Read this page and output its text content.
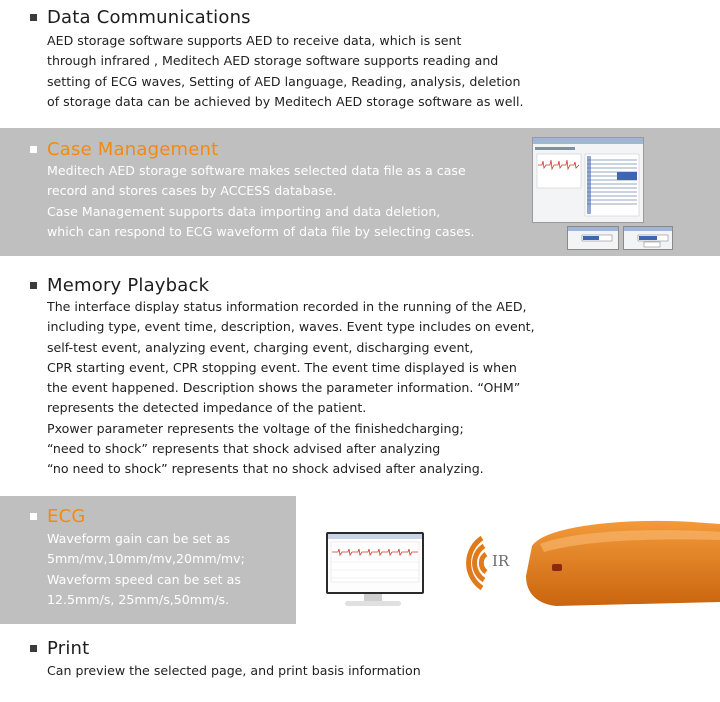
Data Communications
AED storage software supports AED to receive data, which is sent
through infrared , Meditech AED storage software supports reading and
setting of ECG waves, Setting of AED language, Reading, analysis, deletion
of storage data can be achieved by Meditech AED storage software as well.
Case Management
Meditech AED storage software makes selected data file as a case
record and stores cases by ACCESS database.
Case Management supports data importing and data deletion,
which can respond to ECG waveform of data file by selecting cases.
Memory Playback
The interface display status information recorded in the running of the AED,
including type, event time, description, waves. Event type includes on event,
self-test event, analyzing event, charging event, discharging event,
CPR starting event, CPR stopping event. The event time displayed is when
the event happened. Description shows the parameter information. “OHM”
represents the detected impedance of the patient.
Pxower parameter represents the voltage of the finishedcharging;
“need to shock” represents that shock advised after analyzing
“no need to shock” represents that no shock advised after analyzing.
ECG
Waveform gain can be set as
5mm/mv,10mm/mv,20mm/mv;
Waveform speed can be set as
12.5mm/s, 25mm/s,50mm/s.
IR
Print
Can preview the selected page, and print basis information
